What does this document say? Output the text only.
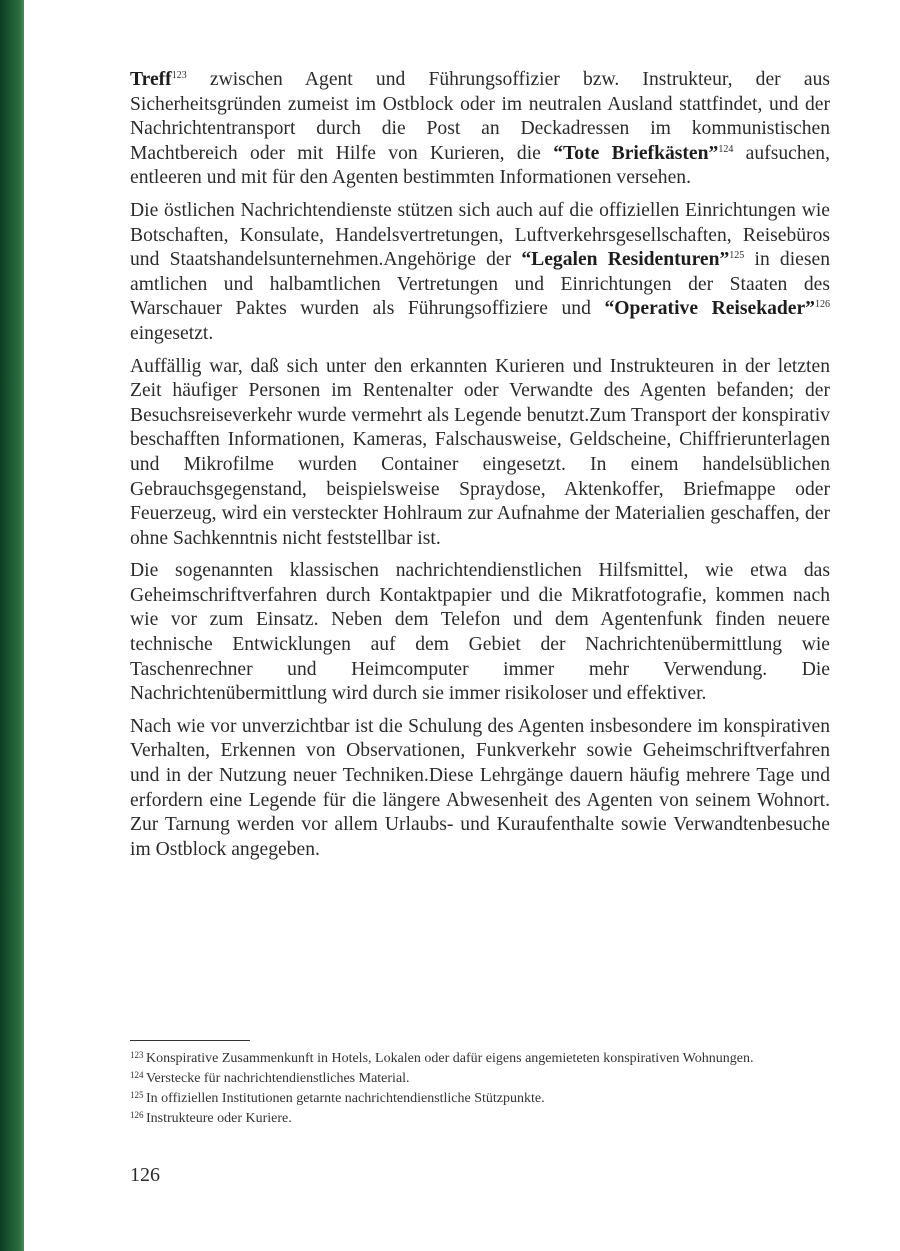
Treff$^{123}$ zwischen Agent und Führungsoffizier bzw. Instrukteur, der aus Sicherheitsgründen zumeist im Ostblock oder im neutralen Ausland stattfindet, und der Nachrichtentransport durch die Post an Deckadressen im kommunistischen Machtbereich oder mit Hilfe von Kurieren, die “Tote Briefkästen”$^{124}$ aufsuchen, entleeren und mit für den Agenten bestimmten Informationen versehen.

Die östlichen Nachrichtendienste stützen sich auch auf die offiziellen Einrichtungen wie Botschaften, Konsulate, Handelsvertretungen, Luftverkehrsgesellschaften, Reisebüros und Staatshandelsunternehmen.Angehörige der “Legalen Residenturen”$^{125}$ in diesen amtlichen und halbamtlichen Vertretungen und Einrichtungen der Staaten des Warschauer Paktes wurden als Führungsoffiziere und “Operative Reisekader”$^{126}$ eingesetzt.

Auffällig war, daß sich unter den erkannten Kurieren und Instrukteuren in der letzten Zeit häufiger Personen im Rentenalter oder Verwandte des Agenten befanden; der Besuchsreiseverkehr wurde vermehrt als Legende benutzt.Zum Transport der konspirativ beschafften Informationen, Kameras, Falschausweise, Geldscheine, Chiffrierunterlagen und Mikrofilme wurden Container eingesetzt. In einem handelsüblichen Gebrauchsgegenstand, beispielsweise Spraydose, Aktenkoffer, Briefmappe oder Feuerzeug, wird ein versteckter Hohlraum zur Aufnahme der Materialien geschaffen, der ohne Sachkenntnis nicht feststellbar ist.

Die sogenannten klassischen nachrichtendienstlichen Hilfsmittel, wie etwa das Geheimschriftverfahren durch Kontaktpapier und die Mikratfotografie, kommen nach wie vor zum Einsatz. Neben dem Telefon und dem Agentenfunk finden neuere technische Entwicklungen auf dem Gebiet der Nachrichtenübermittlung wie Taschenrechner und Heimcomputer immer mehr Verwendung. Die Nachrichtenübermittlung wird durch sie immer risikoloser und effektiver.

Nach wie vor unverzichtbar ist die Schulung des Agenten insbesondere im konspirativen Verhalten, Erkennen von Observationen, Funkverkehr sowie Geheimschriftverfahren und in der Nutzung neuer Techniken.Diese Lehrgänge dauern häufig mehrere Tage und erfordern eine Legende für die längere Abwesenheit des Agenten von seinem Wohnort. Zur Tarnung werden vor allem Urlaubs- und Kuraufenthalte sowie Verwandtenbesuche im Ostblock angegeben.

123 Konspirative Zusammenkunft in Hotels, Lokalen oder dafür eigens angemieteten konspirativen Wohnungen.
124 Verstecke für nachrichtendienstliches Material.
125 In offiziellen Institutionen getarnte nachrichtendienstliche Stützpunkte.
126 Instrukteure oder Kuriere.
126
